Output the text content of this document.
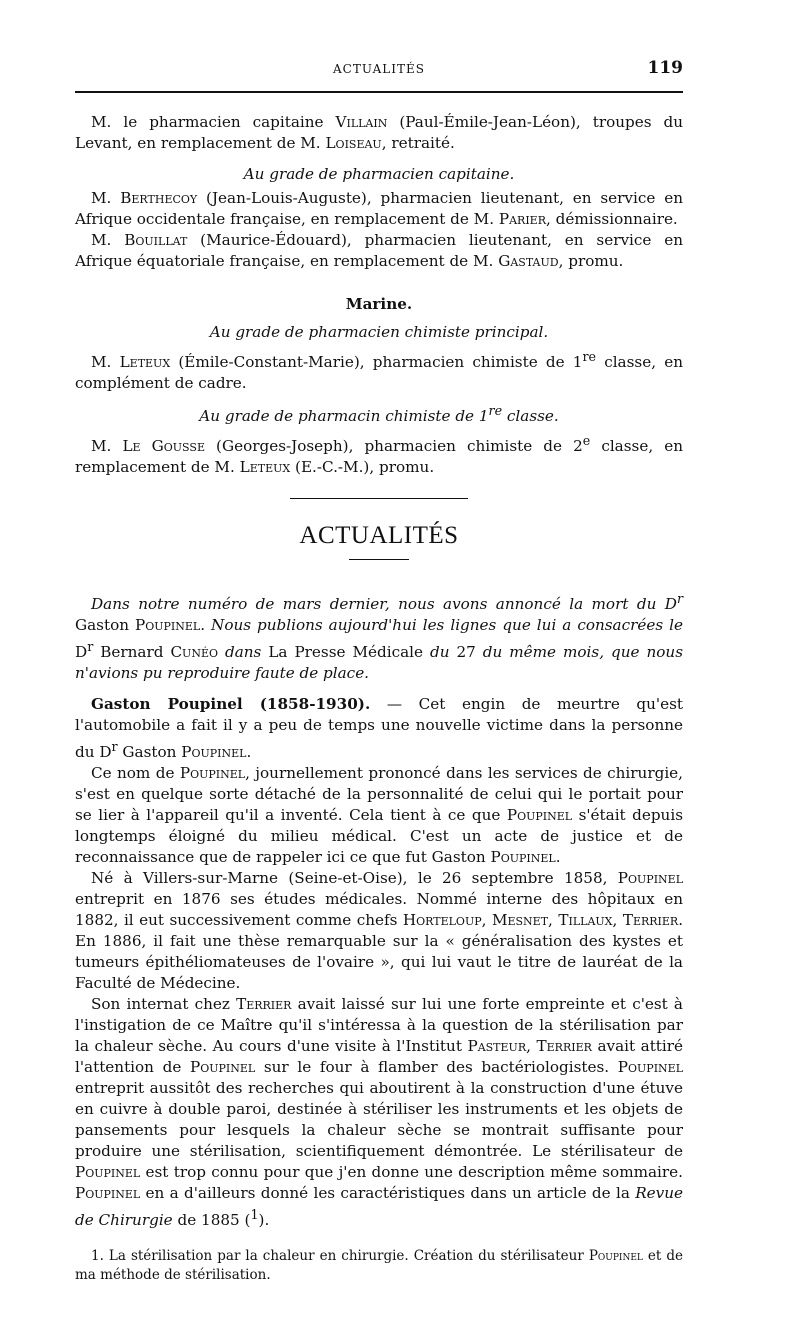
ACTUALITÉS	119

M. le pharmacien capitaine Villain (Paul-Émile-Jean-Léon), troupes du Levant, en remplacement de M. Loiseau, retraité.

Au grade de pharmacien capitaine.

M. Berthecoy (Jean-Louis-Auguste), pharmacien lieutenant, en service en Afrique occidentale française, en remplacement de M. Parier, démissionnaire.

M. Bouillat (Maurice-Édouard), pharmacien lieutenant, en service en Afrique équatoriale française, en remplacement de M. Gastaud, promu.

Marine.

Au grade de pharmacien chimiste principal.

M. Leteux (Émile-Constant-Marie), pharmacien chimiste de 1re classe, en complément de cadre.

Au grade de pharmacin chimiste de 1re classe.

M. Le Gousse (Georges-Joseph), pharmacien chimiste de 2e classe, en remplacement de M. Leteux (E.-C.-M.), promu.

ACTUALITÉS

Dans notre numéro de mars dernier, nous avons annoncé la mort du $D^r$ Gaston Poupinel. Nous publions aujourd'hui les lignes que lui a consacrées le $D^r$ Bernard Cunéo dans La Presse Médicale du 27 du même mois, que nous n'avions pu reproduire faute de place.

Gaston Poupinel (1858-1930). — Cet engin de meurtre qu'est l'automobile a fait il y a peu de temps une nouvelle victime dans la personne du $D^r$ Gaston Poupinel.

Ce nom de Poupinel, journellement prononcé dans les services de chirurgie, s'est en quelque sorte détaché de la personnalité de celui qui le portait pour se lier à l'appareil qu'il a inventé. Cela tient à ce que Poupinel s'était depuis longtemps éloigné du milieu médical. C'est un acte de justice et de reconnaissance que de rappeler ici ce que fut Gaston Poupinel.

Né à Villers-sur-Marne (Seine-et-Oise), le 26 septembre 1858, Poupinel entreprit en 1876 ses études médicales. Nommé interne des hôpitaux en 1882, il eut successivement comme chefs Horteloup, Mesnet, Tillaux, Terrier. En 1886, il fait une thèse remarquable sur la « généralisation des kystes et tumeurs épithéliomateuses de l'ovaire », qui lui vaut le titre de lauréat de la Faculté de Médecine.

Son internat chez Terrier avait laissé sur lui une forte empreinte et c'est à l'instigation de ce Maître qu'il s'intéressa à la question de la stérilisation par la chaleur sèche. Au cours d'une visite à l'Institut Pasteur, Terrier avait attiré l'attention de Poupinel sur le four à flamber des bactériologistes. Poupinel entreprit aussitôt des recherches qui aboutirent à la construction d'une étuve en cuivre à double paroi, destinée à stériliser les instruments et les objets de pansements pour lesquels la chaleur sèche se montrait suffisante pour produire une stérilisation, scientifiquement démontrée. Le stérilisateur de Poupinel est trop connu pour que j'en donne une description même sommaire. Poupinel en a d'ailleurs donné les caractéristiques dans un article de la Revue de Chirurgie de 1885 ($^1$).

1. La stérilisation par la chaleur en chirurgie. Création du stérilisateur Poupinel et de ma méthode de stérilisation.
